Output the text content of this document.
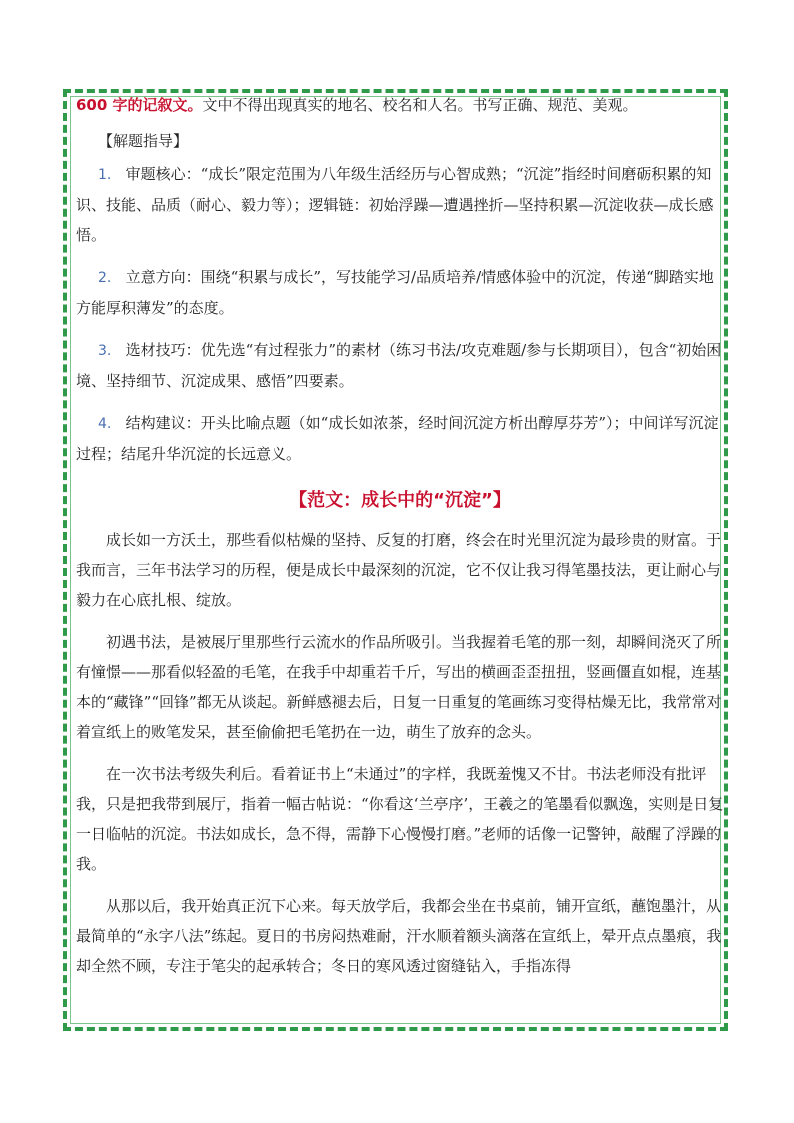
600 字的记叙文。文中不得出现真实的地名、校名和人名。书写正确、规范、美观。
【解题指导】

1. 审题核心：“成长”限定范围为八年级生活经历与心智成熟；“沉淀”指经时间磨砺积累的知识、技能、品质（耐心、毅力等）；逻辑链：初始浮躁—遭遇挫折—坚持积累—沉淀收获—成长感悟。

2. 立意方向：围绕“积累与成长”，写技能学习/品质培养/情感体验中的沉淀，传递“脚踏实地方能厚积薄发”的态度。

3. 选材技巧：优先选“有过程张力”的素材（练习书法/攻克难题/参与长期项目），包含“初始困境、坚持细节、沉淀成果、感悟”四要素。

4. 结构建议：开头比喻点题（如“成长如浓茶，经时间沉淀方析出醇厚芬芳”）；中间详写沉淀过程；结尾升华沉淀的长远意义。

【范文：成长中的“沉淀”】

成长如一方沃土，那些看似枯燥的坚持、反复的打磨，终会在时光里沉淀为最珍贵的财富。于我而言，三年书法学习的历程，便是成长中最深刻的沉淀，它不仅让我习得笔墨技法，更让耐心与毅力在心底扎根、绽放。

初遇书法，是被展厅里那些行云流水的作品所吸引。当我握着毛笔的那一刻，却瞬间浇灭了所有憧憬——那看似轻盈的毛笔，在我手中却重若千斤，写出的横画歪歪扭扭，竖画僵直如棍，连基本的“藏锋”“回锋”都无从谈起。新鲜感褪去后，日复一日重复的笔画练习变得枯燥无比，我常常对着宣纸上的败笔发呆，甚至偷偷把毛笔扔在一边，萌生了放弃的念头。

在一次书法考级失利后。看着证书上“未通过”的字样，我既羞愧又不甘。书法老师没有批评我，只是把我带到展厅，指着一幅古帖说：“你看这‘兰亭序’，王羲之的笔墨看似飘逸，实则是日复一日临帖的沉淀。书法如成长，急不得，需静下心慢慢打磨。”老师的话像一记警钟，敲醒了浮躁的我。

从那以后，我开始真正沉下心来。每天放学后，我都会坐在书桌前，铺开宣纸，蘸饱墨汁，从最简单的“永字八法”练起。夏日的书房闷热难耐，汗水顺着额头滴落在宣纸上，晕开点点墨痕，我却全然不顾，专注于笔尖的起承转合；冬日的寒风透过窗缝钻入，手指冻得
